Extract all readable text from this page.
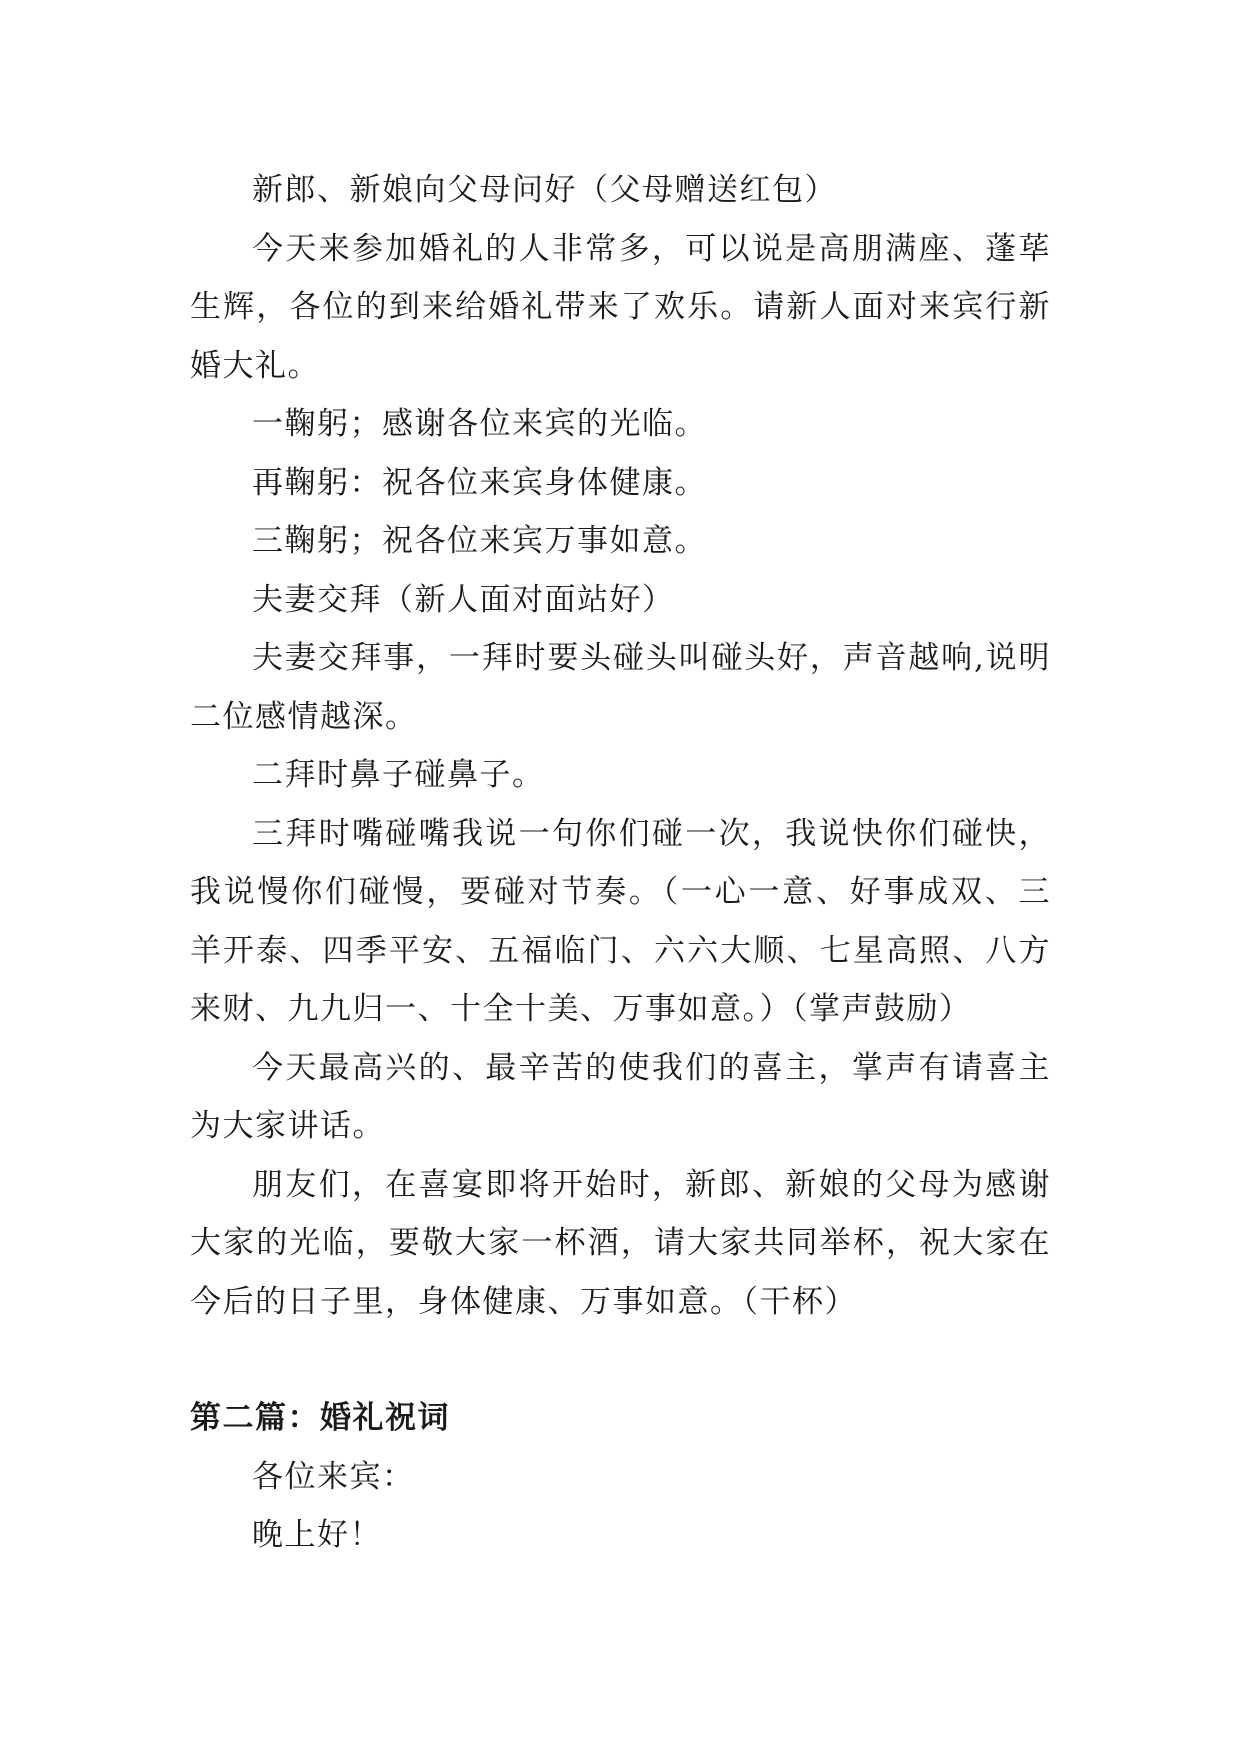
新郎、新娘向父母问好（父母赠送红包）

今天来参加婚礼的人非常多，可以说是高朋满座、蓬荜生辉，各位的到来给婚礼带来了欢乐。请新人面对来宾行新婚大礼。

一鞠躬；感谢各位来宾的光临。

再鞠躬：祝各位来宾身体健康。

三鞠躬；祝各位来宾万事如意。

夫妻交拜（新人面对面站好）

夫妻交拜事，一拜时要头碰头叫碰头好，声音越响,说明二位感情越深。

二拜时鼻子碰鼻子。

三拜时嘴碰嘴我说一句你们碰一次，我说快你们碰快，我说慢你们碰慢，要碰对节奏。（一心一意、好事成双、三羊开泰、四季平安、五福临门、六六大顺、七星高照、八方来财、九九归一、十全十美、万事如意。）（掌声鼓励）

今天最高兴的、最辛苦的使我们的喜主，掌声有请喜主为大家讲话。

朋友们，在喜宴即将开始时，新郎、新娘的父母为感谢大家的光临，要敬大家一杯酒，请大家共同举杯，祝大家在今后的日子里，身体健康、万事如意。（干杯）

第二篇：婚礼祝词

各位来宾：

晚上好！
